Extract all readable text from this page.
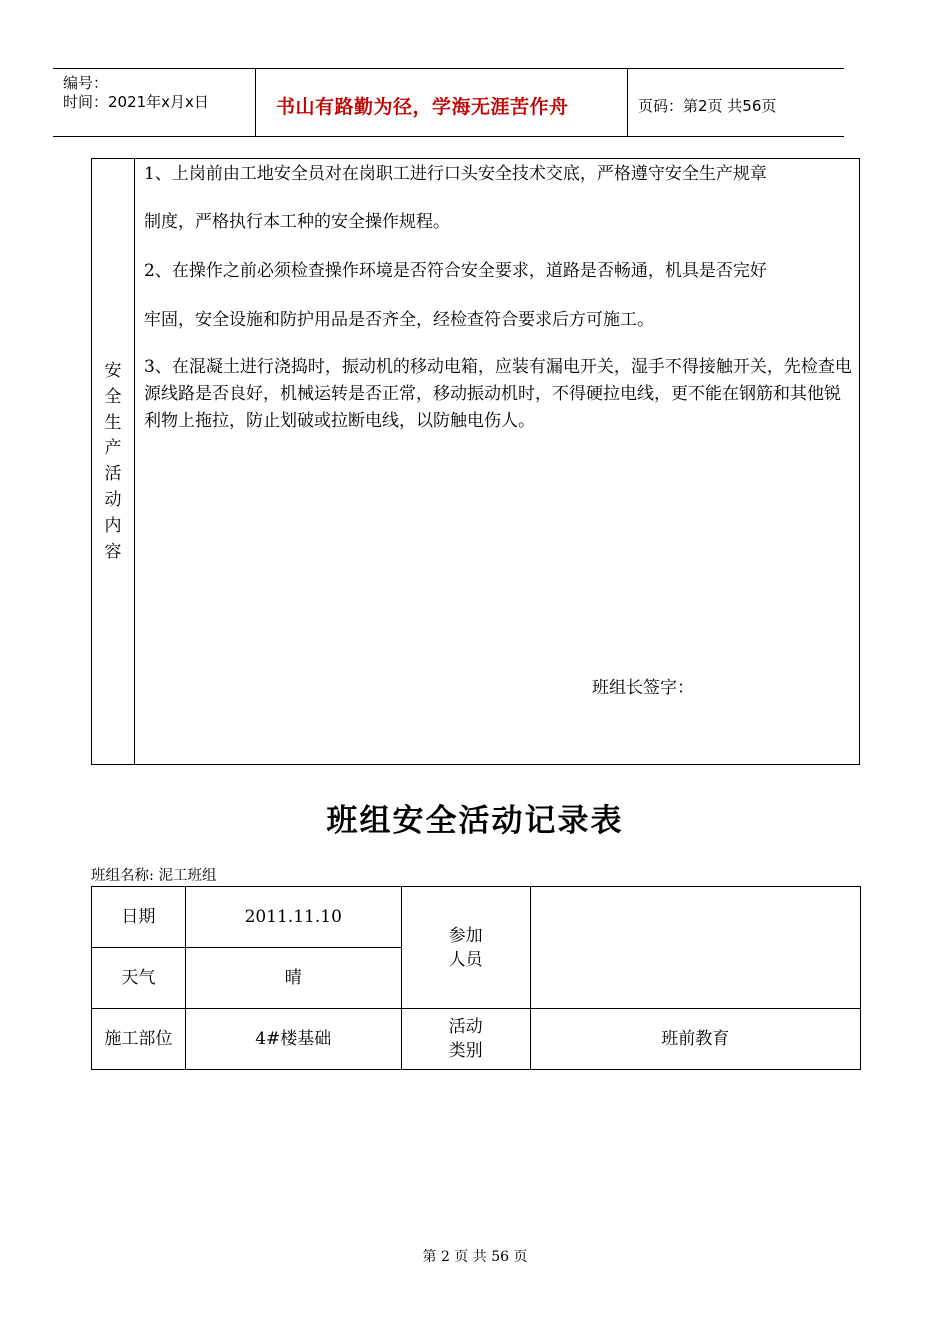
编号：
时间：2021年x月x日	书山有路勤为径，学海无涯苦作舟	页码：第2页 共56页
安
全
生
产
活
动
内
容
1、上岗前由工地安全员对在岗职工进行口头安全技术交底，严格遵守安全生产规章
制度，严格执行本工种的安全操作规程。
2、在操作之前必须检查操作环境是否符合安全要求，道路是否畅通，机具是否完好
牢固，安全设施和防护用品是否齐全，经检查符合要求后方可施工。
3、在混凝土进行浇捣时，振动机的移动电箱，应装有漏电开关，湿手不得接触开关，先检查电源线路是否良好，机械运转是否正常，移动振动机时，不得硬拉电线，更不能在钢筋和其他锐利物上拖拉，防止划破或拉断电线，以防触电伤人。
班组长签字：
班组安全活动记录表
班组名称: 泥工班组
日期	2011.11.10	参加人员	

天气	晴		
施工部位	4#楼基础	活动类别	班前教育
第 2 页 共 56 页
